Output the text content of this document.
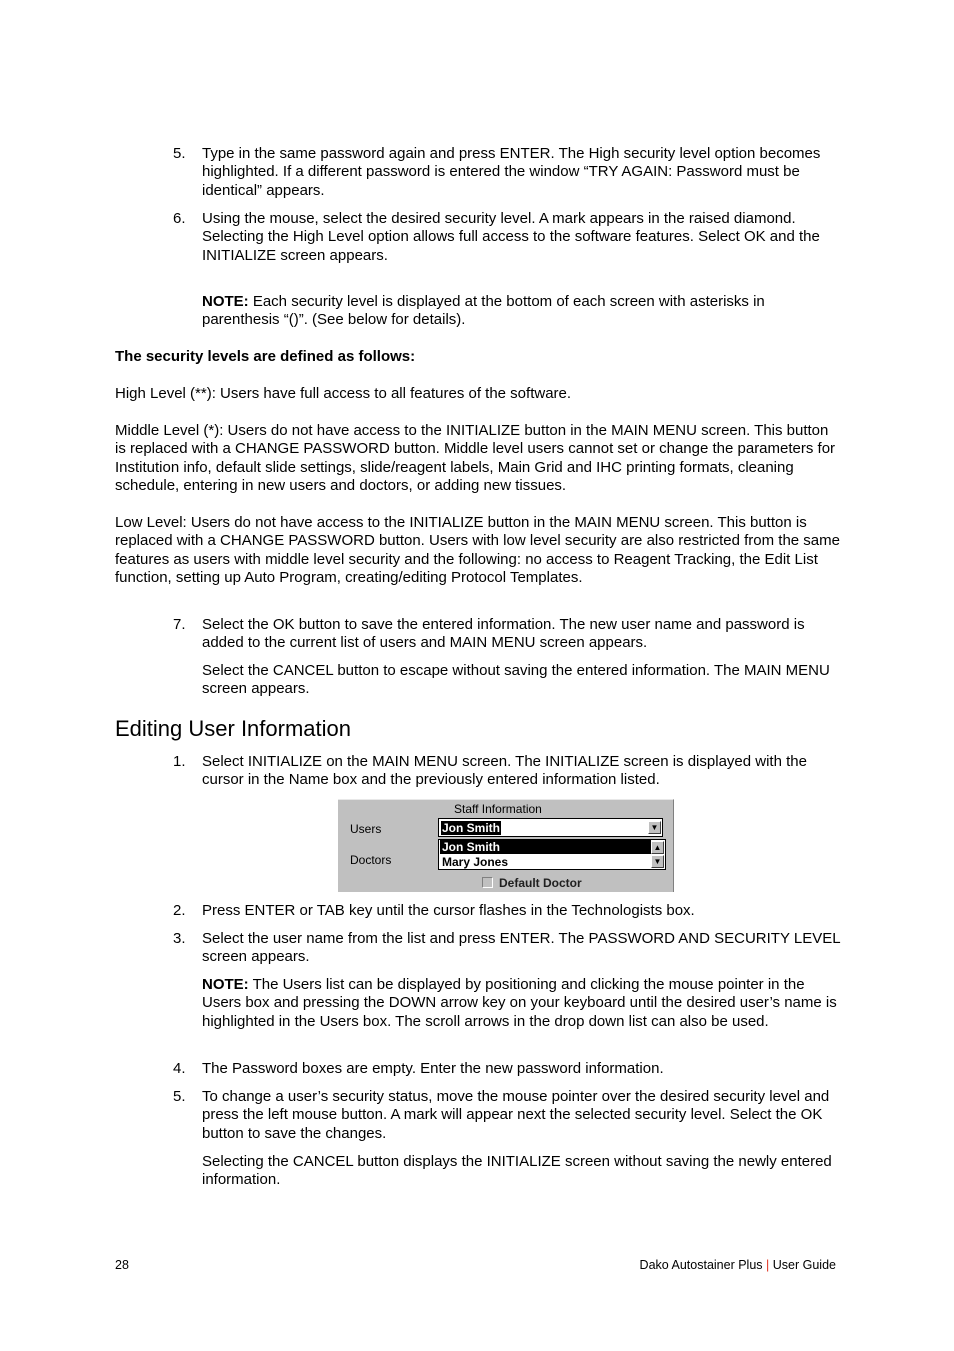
5.	Type in the same password again and press ENTER. The High security level option becomes highlighted. If a different password is entered the window “TRY AGAIN: Password must be identical” appears.
6.	Using the mouse, select the desired security level. A mark appears in the raised diamond. Selecting the High Level option allows full access to the software features. Select OK and the INITIALIZE screen appears.
NOTE: Each security level is displayed at the bottom of each screen with asterisks in parenthesis “()”. (See below for details).
The security levels are defined as follows:
High Level (**): Users have full access to all features of the software.
Middle Level (*): Users do not have access to the INITIALIZE button in the MAIN MENU screen. This button is replaced with a CHANGE PASSWORD button. Middle level users cannot set or change the parameters for Institution info, default slide settings, slide/reagent labels, Main Grid and IHC printing formats, cleaning schedule, entering in new users and doctors, or adding new tissues.
Low Level: Users do not have access to the INITIALIZE button in the MAIN MENU screen. This button is replaced with a CHANGE PASSWORD button. Users with low level security are also restricted from the same features as users with middle level security and the following: no access to Reagent Tracking, the Edit List function, setting up Auto Program, creating/editing Protocol Templates.
7.	Select the OK button to save the entered information. The new user name and password is added to the current list of users and MAIN MENU screen appears.
Select the CANCEL button to escape without saving the entered information. The MAIN MENU screen appears.
Editing User Information
1.	Select INITIALIZE on the MAIN MENU screen. The INITIALIZE screen is displayed with the cursor in the Name box and the previously entered information listed.
Staff Information
Users	Jon Smith	▼
Doctors
Jon Smith
Mary Jones
▲
▼
Default Doctor
2.	Press ENTER or TAB key until the cursor flashes in the Technologists box.
3.	Select the user name from the list and press ENTER. The PASSWORD AND SECURITY LEVEL screen appears.
NOTE: The Users list can be displayed by positioning and clicking the mouse pointer in the Users box and pressing the DOWN arrow key on your keyboard until the desired user’s name is highlighted in the Users box. The scroll arrows in the drop down list can also be used.
4.	The Password boxes are empty. Enter the new password information.
5.	To change a user’s security status, move the mouse pointer over the desired security level and press the left mouse button. A mark will appear next the selected security level. Select the OK button to save the changes.
Selecting the CANCEL button displays the INITIALIZE screen without saving the newly entered information.
28	Dako Autostainer Plus | User Guide
